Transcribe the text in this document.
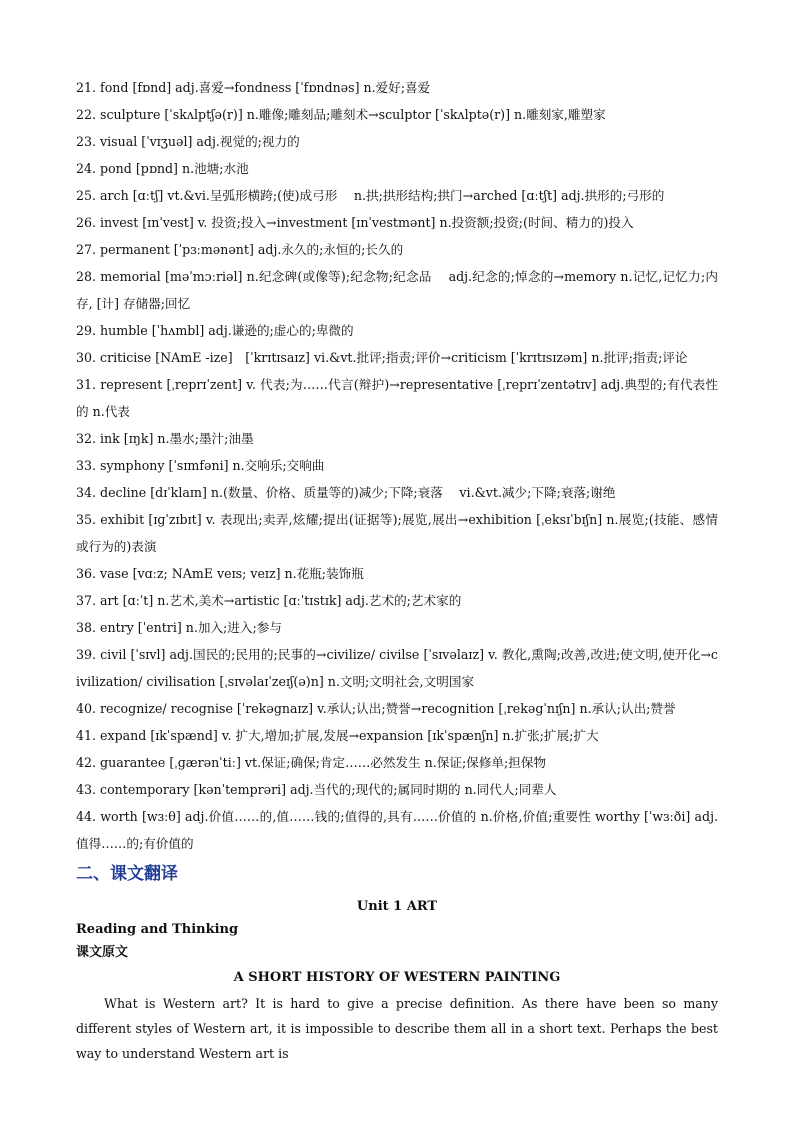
21. fond [fɒnd] adj.喜爱→fondness [ˈfɒndnəs] n.爱好;喜爱
22. sculpture [ˈskʌlptʃə(r)] n.雕像;雕刻品;雕刻术→sculptor [ˈskʌlptə(r)] n.雕刻家,雕塑家
23. visual [ˈvɪʒuəl] adj.视觉的;视力的
24. pond [pɒnd] n.池塘;水池
25. arch [ɑːtʃ] vt.&vi.呈弧形横跨;(使)成弓形　 n.拱;拱形结构;拱门→arched [ɑːtʃt] adj.拱形的;弓形的
26. invest [ɪnˈvest] v. 投资;投入→investment [ɪnˈvestmənt] n.投资额;投资;(时间、精力的)投入
27. permanent [ˈpɜːmənənt] adj.永久的;永恒的;长久的
28. memorial [məˈmɔːriəl] n.纪念碑(或像等);纪念物;纪念品　 adj.纪念的;悼念的→memory n.记忆,记忆力;内存, [计] 存储器;回忆
29. humble [ˈhʌmbl] adj.谦逊的;虚心的;卑微的
30. criticise [NAmE -ize]　[ˈkrɪtɪsaɪz] vi.&vt.批评;指责;评价→criticism [ˈkrɪtɪsɪzəm] n.批评;指责;评论
31. represent [ˌreprɪˈzent] v. 代表;为……代言(辩护)→representative [ˌreprɪˈzentətɪv] adj.典型的;有代表性的 n.代表
32. ink [ɪŋk] n.墨水;墨汁;油墨
33. symphony [ˈsɪmfəni] n.交响乐;交响曲
34. decline [dɪˈklaɪn] n.(数量、价格、质量等的)减少;下降;衰落　 vi.&vt.减少;下降;衰落;谢绝
35. exhibit [ɪɡˈzɪbɪt] v. 表现出;卖弄,炫耀;提出(证据等);展览,展出→exhibition [ˌeksɪˈbɪʃn] n.展览;(技能、感情或行为的)表演
36. vase [vɑːz; NAmE veɪs; veɪz] n.花瓶;装饰瓶
37. art [ɑːˈt] n.艺术,美术→artistic [ɑːˈtɪstɪk] adj.艺术的;艺术家的
38. entry [ˈentri] n.加入;进入;参与
39. civil [ˈsɪvl] adj.国民的;民用的;民事的→civilize/ civilse [ˈsɪvəlaɪz] v. 教化,熏陶;改善,改进;使文明,使开化→civilization/ civilisation [ˌsɪvəlaɪˈzeɪʃ(ə)n] n.文明;文明社会,文明国家
40. recognize/ recognise [ˈrekəgnaɪz] v.承认;认出;赞誉→recognition [ˌrekəgˈnɪʃn] n.承认;认出;赞誉
41. expand [ɪkˈspænd] v. 扩大,增加;扩展,发展→expansion [ɪkˈspænʃn] n.扩张;扩展;扩大
42. guarantee [ˌɡærənˈtiː] vt.保证;确保;肯定……必然发生 n.保证;保修单;担保物
43. contemporary [kənˈtemprəri] adj.当代的;现代的;属同时期的 n.同代人;同辈人
44. worth [wɜːθ] adj.价值……的,值……钱的;值得的,具有……价值的 n.价格,价值;重要性 worthy [ˈwɜːði] adj.值得……的;有价值的
二、课文翻译
Unit 1 ART
Reading and Thinking
课文原文
A SHORT HISTORY OF WESTERN PAINTING

What is Western art? It is hard to give a precise definition. As there have been so many different styles of Western art, it is impossible to describe them all in a short text. Perhaps the best way to understand Western art is
